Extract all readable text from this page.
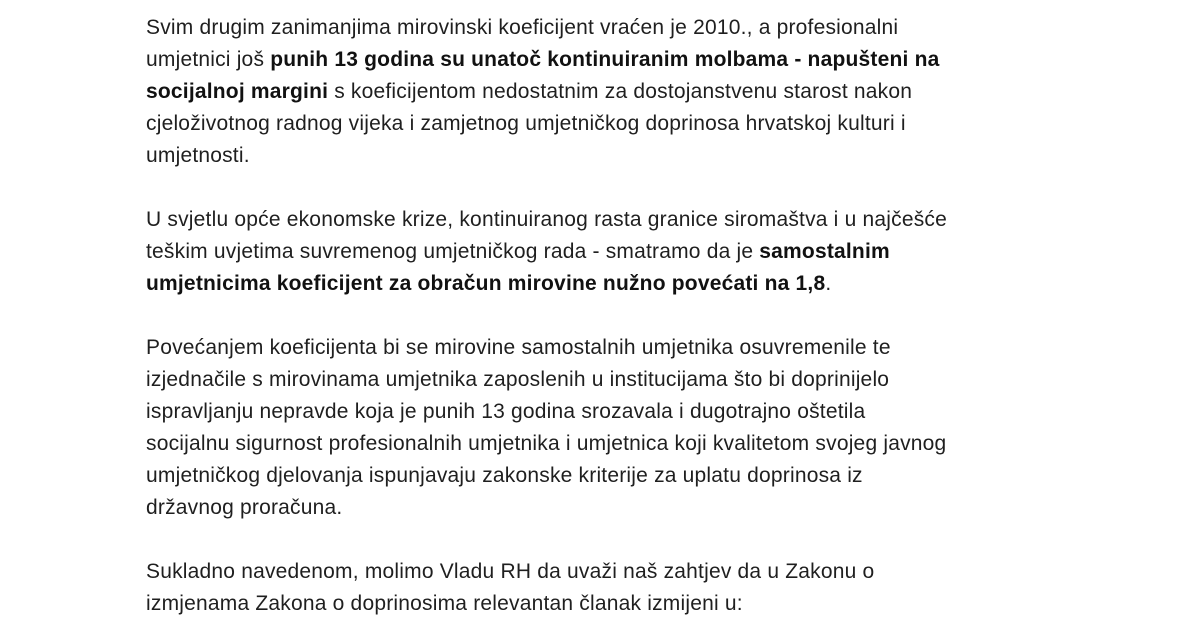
Svim drugim zanimanjima mirovinski koeficijent vraćen je 2010., a profesionalni
umjetnici još punih 13 godina su unatoč kontinuiranim molbama - napušteni na
socijalnoj margini s koeficijentom nedostatnim za dostojanstvenu starost nakon
cjeloživotnog radnog vijeka i zamjetnog umjetničkog doprinosa hrvatskoj kulturi i
umjetnosti.

U svjetlu opće ekonomske krize, kontinuiranog rasta granice siromaštva i u najčešće
teškim uvjetima suvremenog umjetničkog rada - smatramo da je samostalnim
umjetnicima koeficijent za obračun mirovine nužno povećati na 1,8.

Povećanjem koeficijenta bi se mirovine samostalnih umjetnika osuvremenile te
izjednačile s mirovinama umjetnika zaposlenih u institucijama što bi doprinijelo
ispravljanju nepravde koja je punih 13 godina srozavala i dugotrajno oštetila
socijalnu sigurnost profesionalnih umjetnika i umjetnica koji kvalitetom svojeg javnog
umjetničkog djelovanja ispunjavaju zakonske kriterije za uplatu doprinosa iz
državnog proračuna.

Sukladno navedenom, molimo Vladu RH da uvaži naš zahtjev da u Zakonu o
izmjenama Zakona o doprinosima relevantan članak izmijeni u:
